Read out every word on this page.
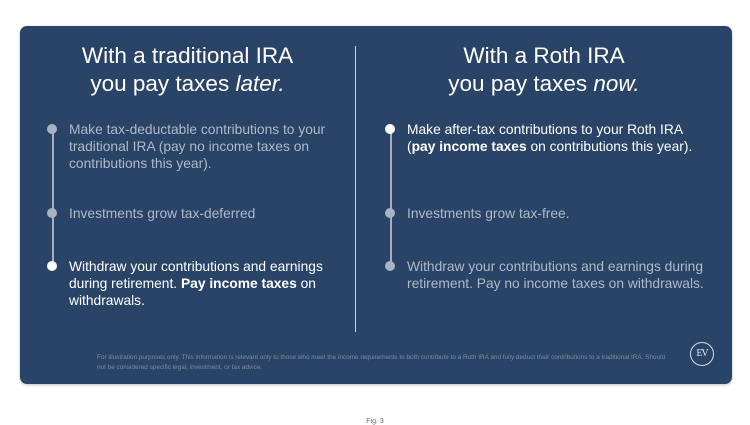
With a traditional IRA
you pay taxes later.
With a Roth IRA
you pay taxes now.
Make tax-deductable contributions to your traditional IRA (pay no income taxes on contributions this year).
Investments grow tax-deferred
Withdraw your contributions and earnings during retirement. Pay income taxes on withdrawals.
Make after-tax contributions to your Roth IRA (pay income taxes on contributions this year).
Investments grow tax-free.
Withdraw your contributions and earnings during retirement. Pay no income taxes on withdrawals.
For illustration purposes only. This information is relevant only to those who meet the income requirements to both contribute to a Roth IRA and fully deduct their contributions to a traditional IRA. Should not be considered specific legal, investment, or tax advice.
EV
Fig. 3
